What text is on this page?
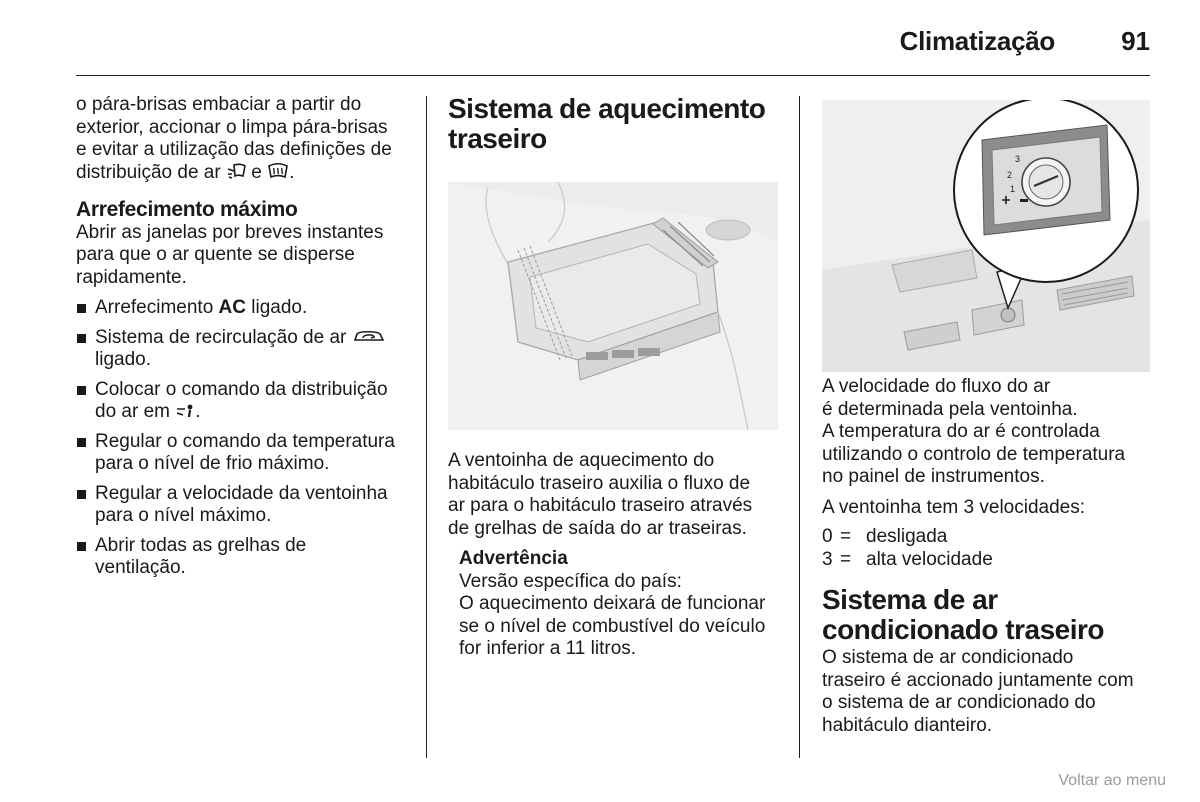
Climatização	91

o pára-brisas embaciar a partir do
exterior, accionar o limpa pára-brisas
e evitar a utilização das definições de
distribuição de ar  e .

Arrefecimento máximo

Abrir as janelas por breves instantes
para que o ar quente se disperse
rapidamente.

Arrefecimento AC ligado.
Sistema de recirculação de ar
ligado.
Colocar o comando da distribuição
do ar em .
Regular o comando da temperatura
para o nível de frio máximo.
Regular a velocidade da ventoinha
para o nível máximo.
Abrir todas as grelhas de
ventilação.
Sistema de aquecimento
traseiro

A ventoinha de aquecimento do
habitáculo traseiro auxilia o fluxo de
ar para o habitáculo traseiro através
de grelhas de saída do ar traseiras.

Advertência
Versão específica do país:
O aquecimento deixará de funcionar
se o nível de combustível do veículo
for inferior a 11 litros.
3
2
1

A velocidade do fluxo do ar
é determinada pela ventoinha.
A temperatura do ar é controlada
utilizando o controlo de temperatura
no painel de instrumentos.

A ventoinha tem 3 velocidades:

0 = desligada
3 = alta velocidade
Sistema de ar
condicionado traseiro

O sistema de ar condicionado
traseiro é accionado juntamente com
o sistema de ar condicionado do
habitáculo dianteiro.

Voltar ao menu
